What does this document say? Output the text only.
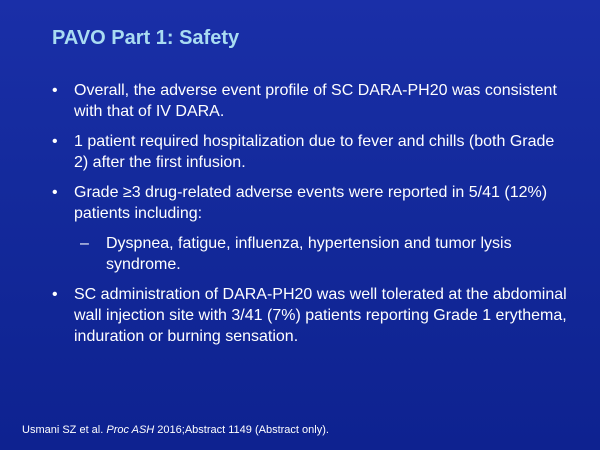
PAVO Part 1: Safety
• Overall, the adverse event profile of SC DARA-PH20 was consistent with that of IV DARA.
• 1 patient required hospitalization due to fever and chills (both Grade 2) after the first infusion.
• Grade ≥3 drug-related adverse events were reported in 5/41 (12%) patients including:
– Dyspnea, fatigue, influenza, hypertension and tumor lysis syndrome.
• SC administration of DARA-PH20 was well tolerated at the abdominal wall injection site with 3/41 (7%) patients reporting Grade 1 erythema, induration or burning sensation.
Usmani SZ et al. Proc ASH 2016;Abstract 1149 (Abstract only).
